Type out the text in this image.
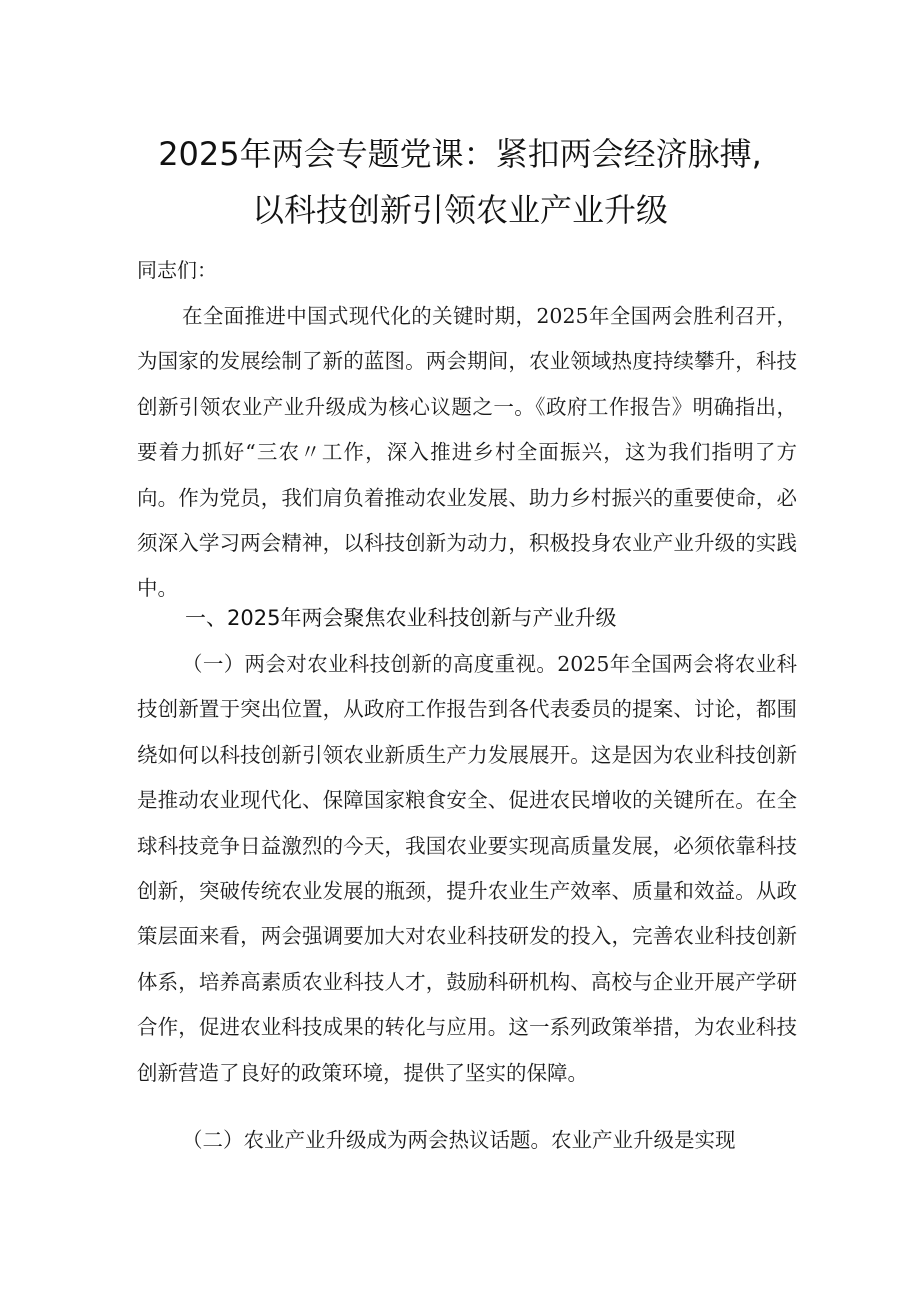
2025年两会专题党课：紧扣两会经济脉搏,
以科技创新引领农业产业升级
同志们：

在全面推进中国式现代化的关键时期，2025年全国两会胜利召开，为国家的发展绘制了新的蓝图。两会期间，农业领域热度持续攀升，科技创新引领农业产业升级成为核心议题之一。《政府工作报告》明确指出，要着力抓好“三农〃工作，深入推进乡村全面振兴，这为我们指明了方向。作为党员，我们肩负着推动农业发展、助力乡村振兴的重要使命，必须深入学习两会精神，以科技创新为动力，积极投身农业产业升级的实践中。

一、2025年两会聚焦农业科技创新与产业升级

（一）两会对农业科技创新的高度重视。2025年全国两会将农业科技创新置于突出位置，从政府工作报告到各代表委员的提案、讨论，都围绕如何以科技创新引领农业新质生产力发展展开。这是因为农业科技创新是推动农业现代化、保障国家粮食安全、促进农民增收的关键所在。在全球科技竞争日益激烈的今天，我国农业要实现高质量发展，必须依靠科技创新，突破传统农业发展的瓶颈，提升农业生产效率、质量和效益。从政策层面来看，两会强调要加大对农业科技研发的投入，完善农业科技创新体系，培养高素质农业科技人才，鼓励科研机构、高校与企业开展产学研合作，促进农业科技成果的转化与应用。这一系列政策举措，为农业科技创新营造了良好的政策环境，提供了坚实的保障。

（二）农业产业升级成为两会热议话题。农业产业升级是实现
